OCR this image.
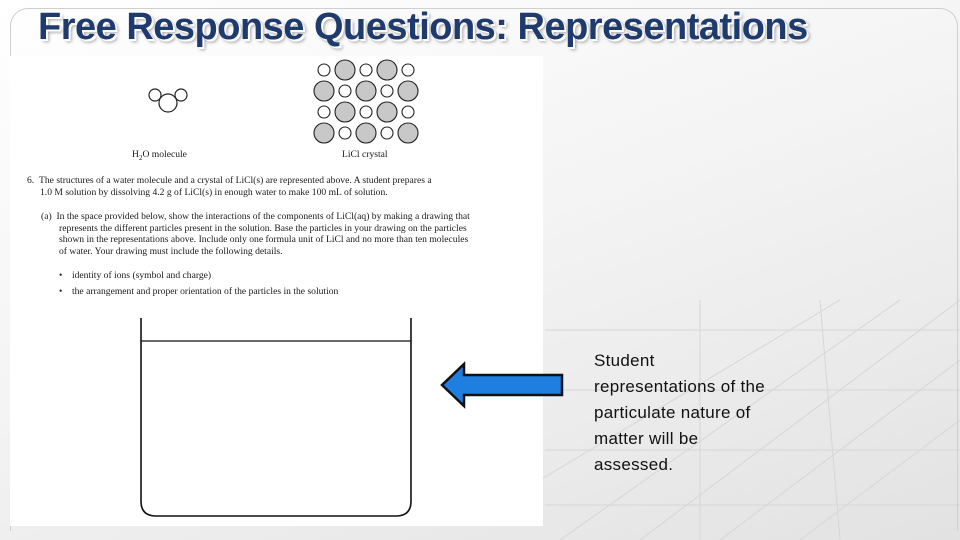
Free Response Questions: Representations
$H_2O$ molecule	LiCl crystal
6. The structures of a water molecule and a crystal of LiCl(s) are represented above. A student prepares a
1.0 M solution by dissolving 4.2 g of LiCl(s) in enough water to make 100 mL of solution.
(a) In the space provided below, show the interactions of the components of LiCl(aq) by making a drawing that
represents the different particles present in the solution. Base the particles in your drawing on the particles
shown in the representations above. Include only one formula unit of LiCl and no more than ten molecules
of water. Your drawing must include the following details.
• identity of ions (symbol and charge)
• the arrangement and proper orientation of the particles in the solution
Student
representations of the
particulate nature of
matter will be
assessed.
